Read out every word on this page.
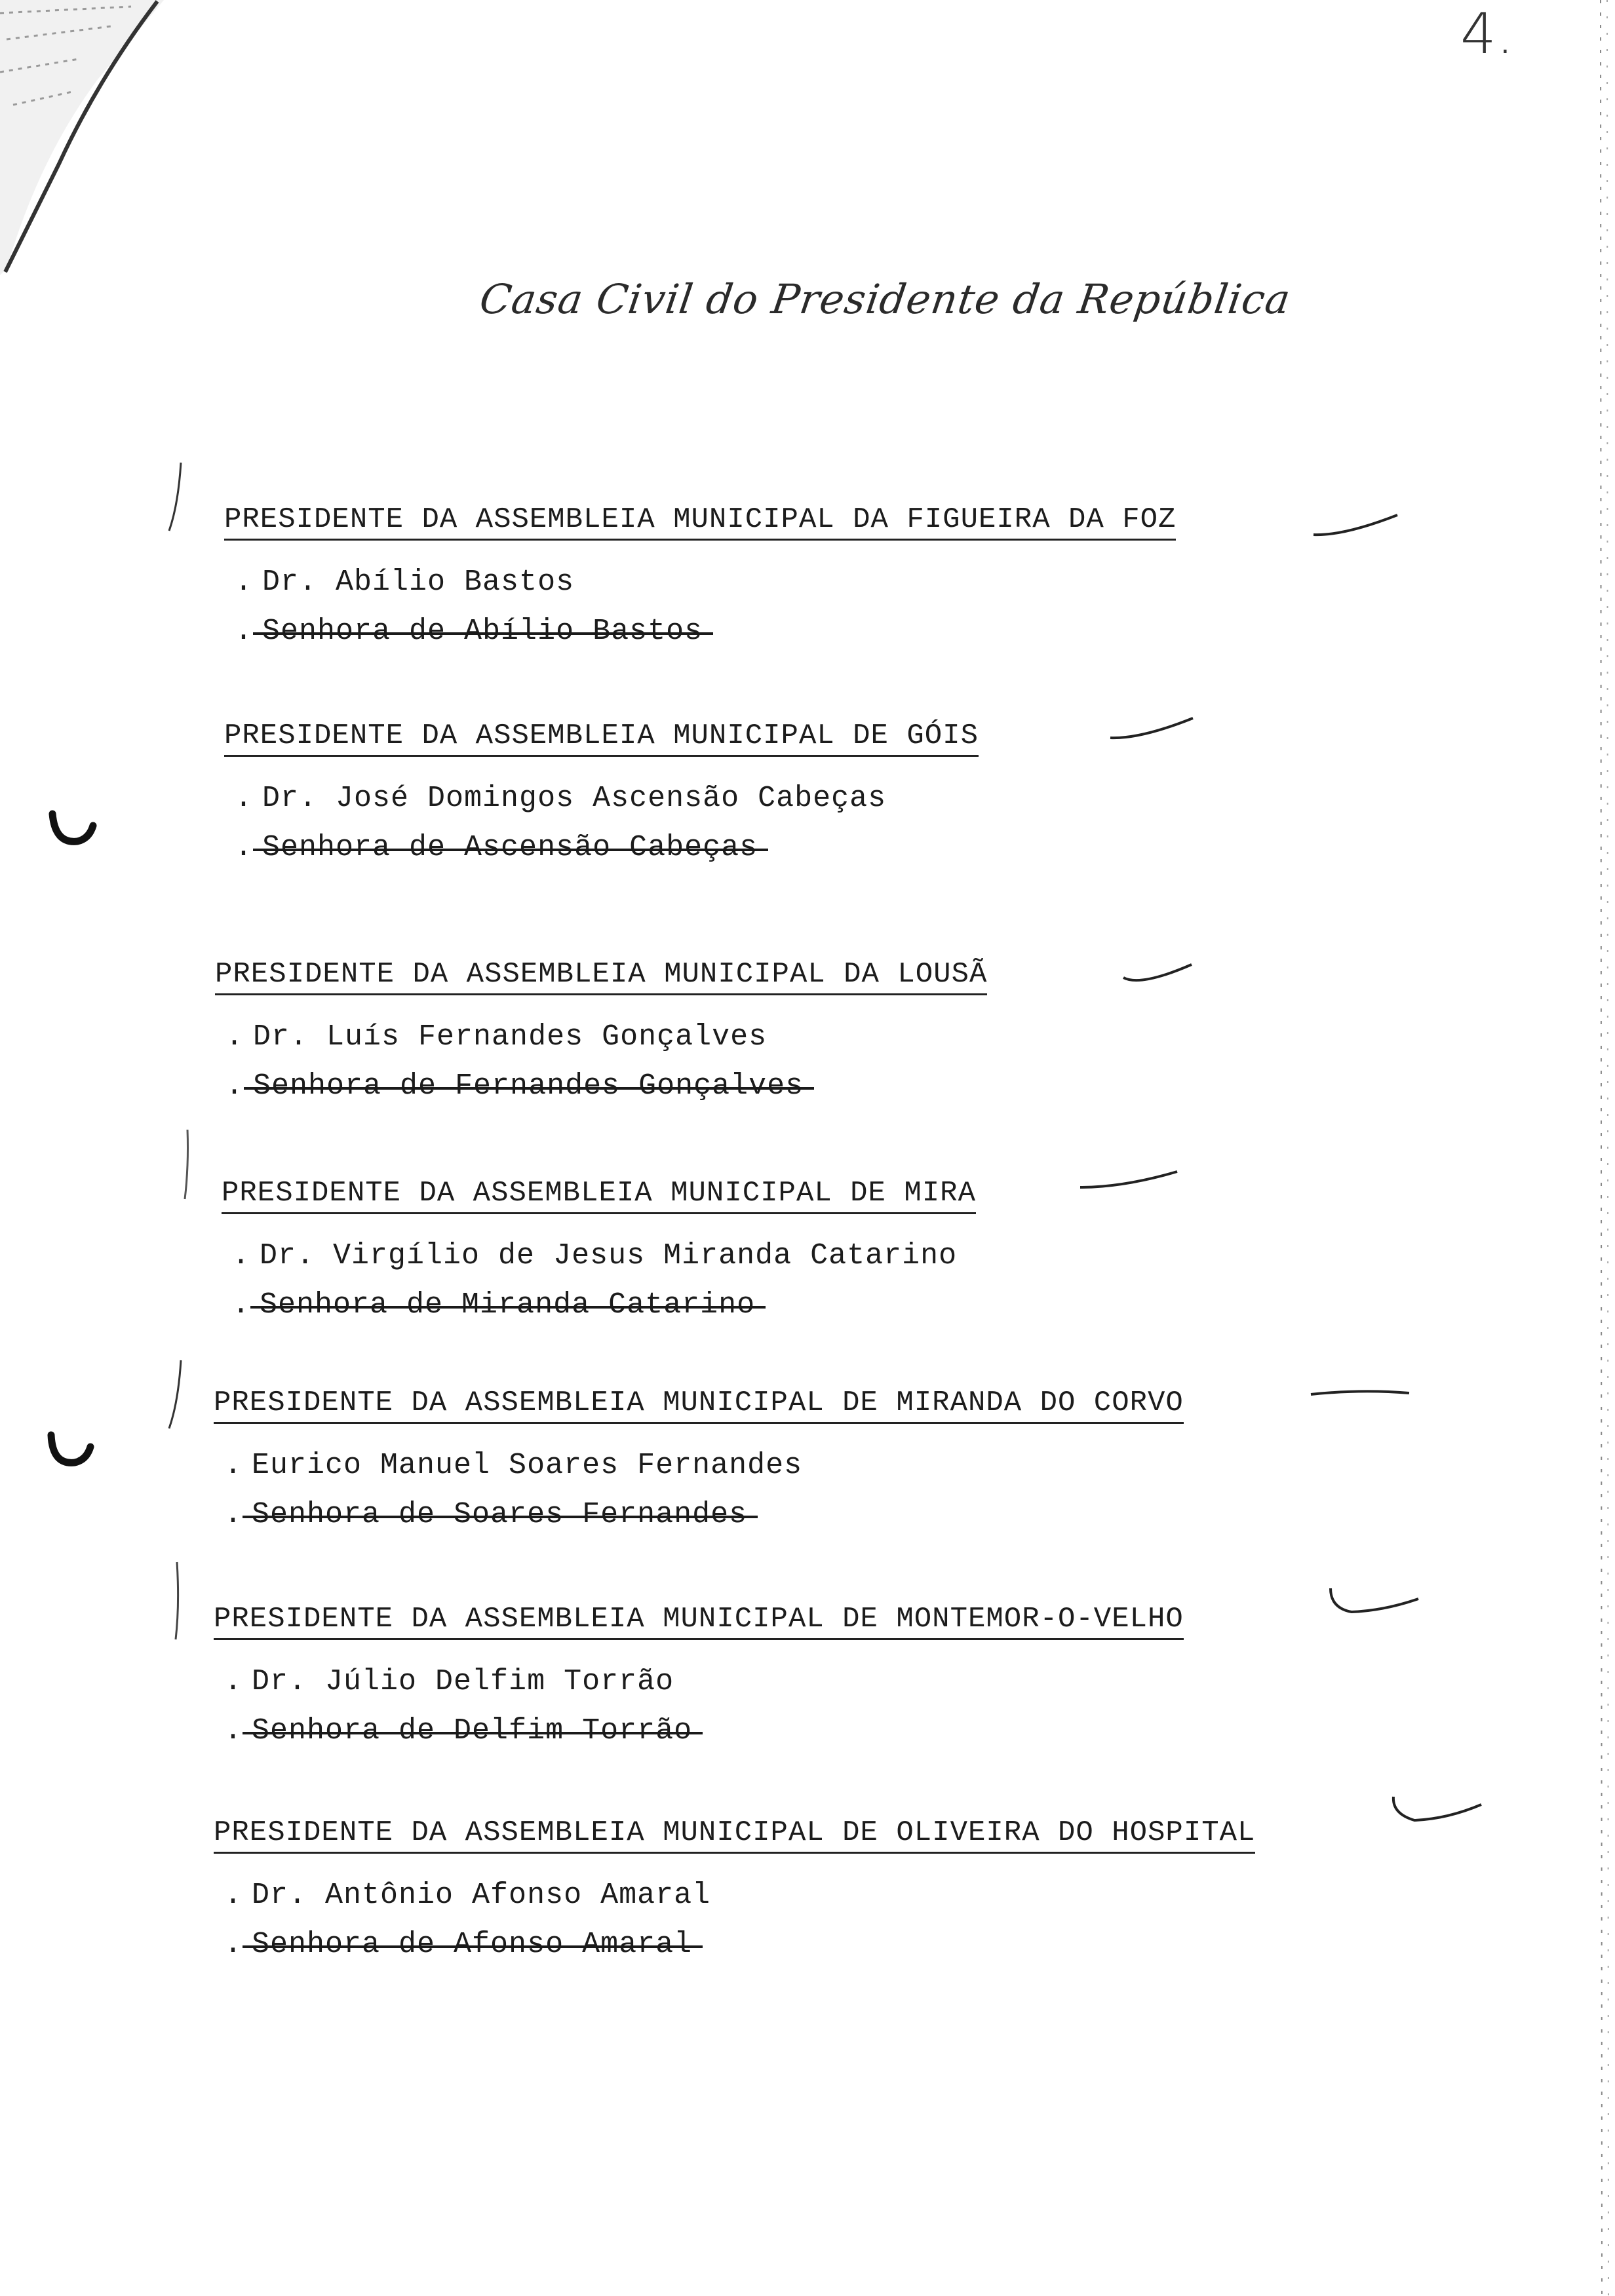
4.
Casa Civil do Presidente da República
PRESIDENTE DA ASSEMBLEIA MUNICIPAL DA FIGUEIRA DA FOZ
. Dr. Abílio Bastos
. Senhora de Abílio Bastos
PRESIDENTE DA ASSEMBLEIA MUNICIPAL DE GÓIS
. Dr. José Domingos Ascensão Cabeças
. Senhora de Ascensão Cabeças
PRESIDENTE DA ASSEMBLEIA MUNICIPAL DA LOUSÃ
. Dr. Luís Fernandes Gonçalves
. Senhora de Fernandes Gonçalves
PRESIDENTE DA ASSEMBLEIA MUNICIPAL DE MIRA
. Dr. Virgílio de Jesus Miranda Catarino
. Senhora de Miranda Catarino
PRESIDENTE DA ASSEMBLEIA MUNICIPAL DE MIRANDA DO CORVO
. Eurico Manuel Soares Fernandes
. Senhora de Soares Fernandes
PRESIDENTE DA ASSEMBLEIA MUNICIPAL DE MONTEMOR-O-VELHO
. Dr. Júlio Delfim Torrão
. Senhora de Delfim Torrão
PRESIDENTE DA ASSEMBLEIA MUNICIPAL DE OLIVEIRA DO HOSPITAL
. Dr. Antônio Afonso Amaral
. Senhora de Afonso Amaral
